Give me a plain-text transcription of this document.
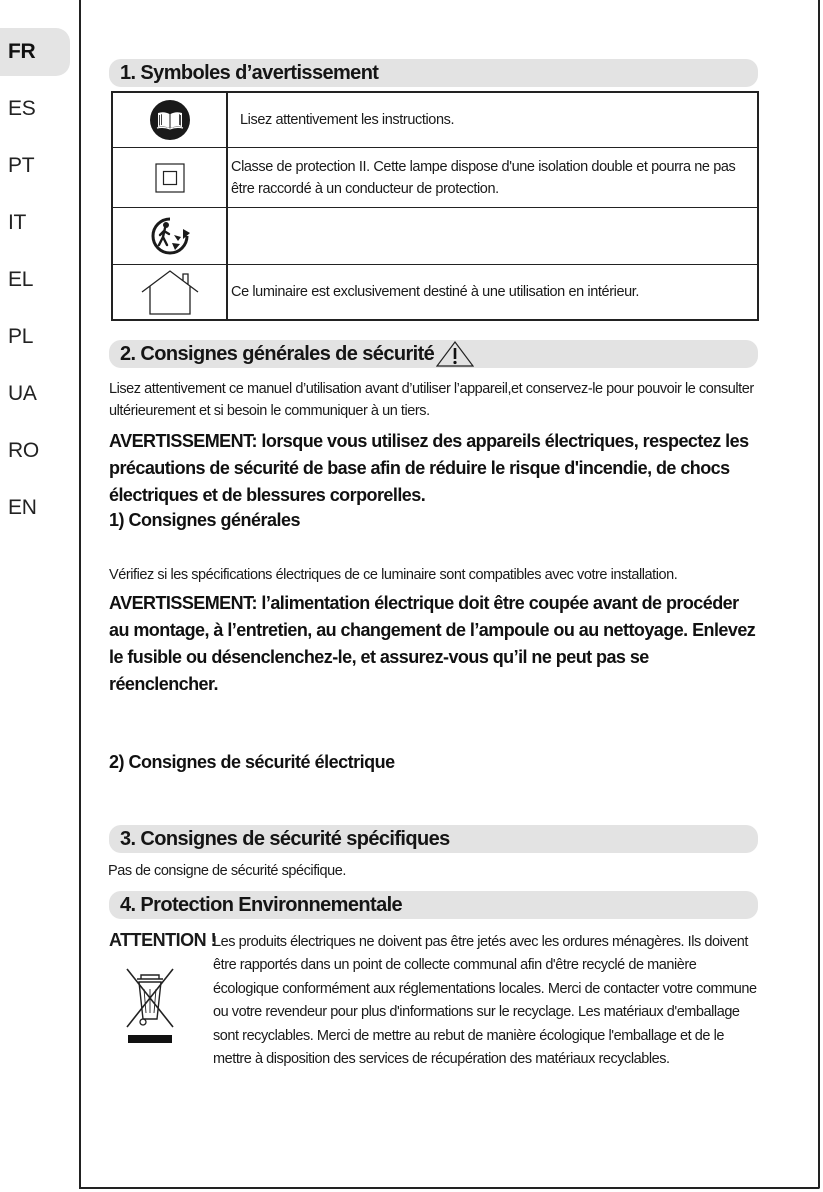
FR
ES
PT
IT
EL
PL
UA
RO
EN
1. Symboles d’avertissement
Lisez attentivement les instructions.
Classe de protection II. Cette lampe dispose d'une isolation double et pourra ne pas être raccordé à un conducteur de protection.
Ce luminaire est exclusivement destiné à une utilisation en intérieur.
2. Consignes générales de sécurité
Lisez attentivement ce manuel d’utilisation avant d’utiliser l’appareil,et conservez-le pour pouvoir le consulter ultérieurement et si besoin le communiquer à un tiers.
AVERTISSEMENT: lorsque vous utilisez des appareils électriques, respectez les précautions de sécurité de base afin de réduire le risque d'incendie, de chocs électriques et de blessures corporelles.
1) Consignes générales
Vérifiez si les spécifications électriques de ce luminaire sont compatibles avec votre installation.
AVERTISSEMENT: l’alimentation électrique doit être coupée avant de procéder au montage, à l’entretien, au changement de l’ampoule ou au nettoyage. Enlevez le fusible ou désenclenchez-le, et assurez-vous qu’il ne peut pas se réenclencher.
2) Consignes de sécurité électrique
3. Consignes de sécurité spécifiques
Pas de consigne de sécurité spécifique.
4. Protection Environnementale
ATTENTION !
Les produits électriques ne doivent pas être jetés avec les ordures ménagères. Ils doivent être rapportés dans un point de collecte communal afin d'être recyclé de manière écologique conformément aux réglementations locales. Merci de contacter votre commune ou votre revendeur pour plus d'informations sur le recyclage. Les matériaux d'emballage sont recyclables. Merci de mettre au rebut de manière écologique l'emballage et de le mettre à disposition des services de récupération des matériaux recyclables.
